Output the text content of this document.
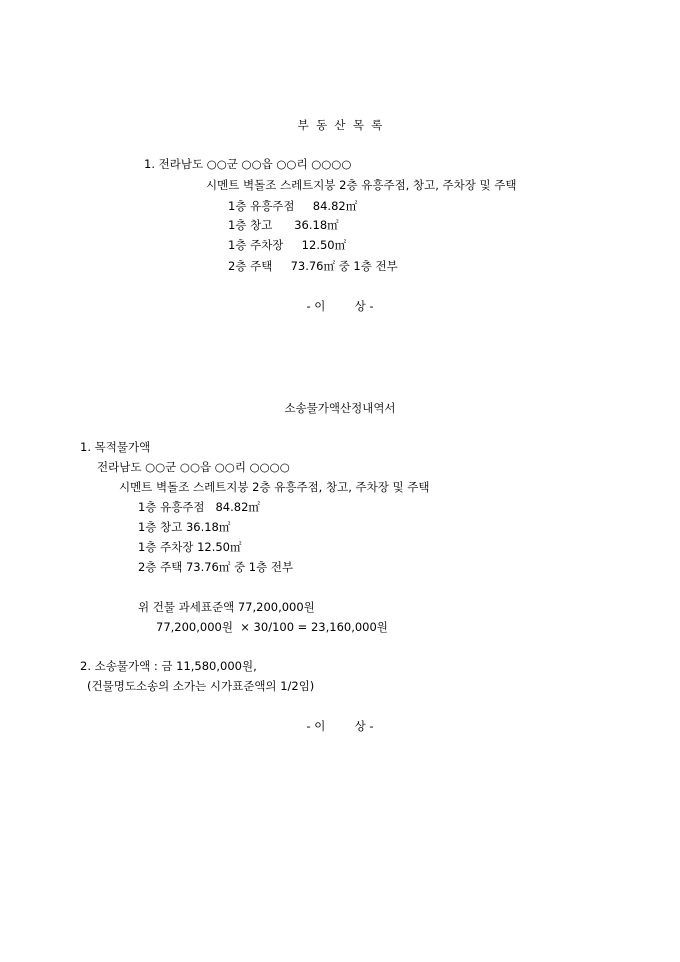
부  동  산  목  록
1. 전라남도 ○○군 ○○읍 ○○리 ○○○○
시멘트 벽돌조 스레트지붕 2층 유흥주점, 창고, 주차장 및 주택
1층 유흥주점     84.82㎡
1층 창고      36.18㎡
1층 주차장     12.50㎡
2층 주택     73.76㎡ 중 1층 전부
- 이        상 -
소송물가액산정내역서
1. 목적물가액
전라남도 ○○군 ○○읍 ○○리 ○○○○
시멘트 벽돌조 스레트지붕 2층 유흥주점, 창고, 주차장 및 주택
1층 유흥주점   84.82㎡
1층 창고 36.18㎡
1층 주차장 12.50㎡
2층 주택 73.76㎡ 중 1층 전부
위 건물 과세표준액 77,200,000원
77,200,000원  × 30/100 = 23,160,000원
2. 소송물가액 : 금 11,580,000원,
(건물명도소송의 소가는 시가표준액의 1/2임)
- 이        상 -
